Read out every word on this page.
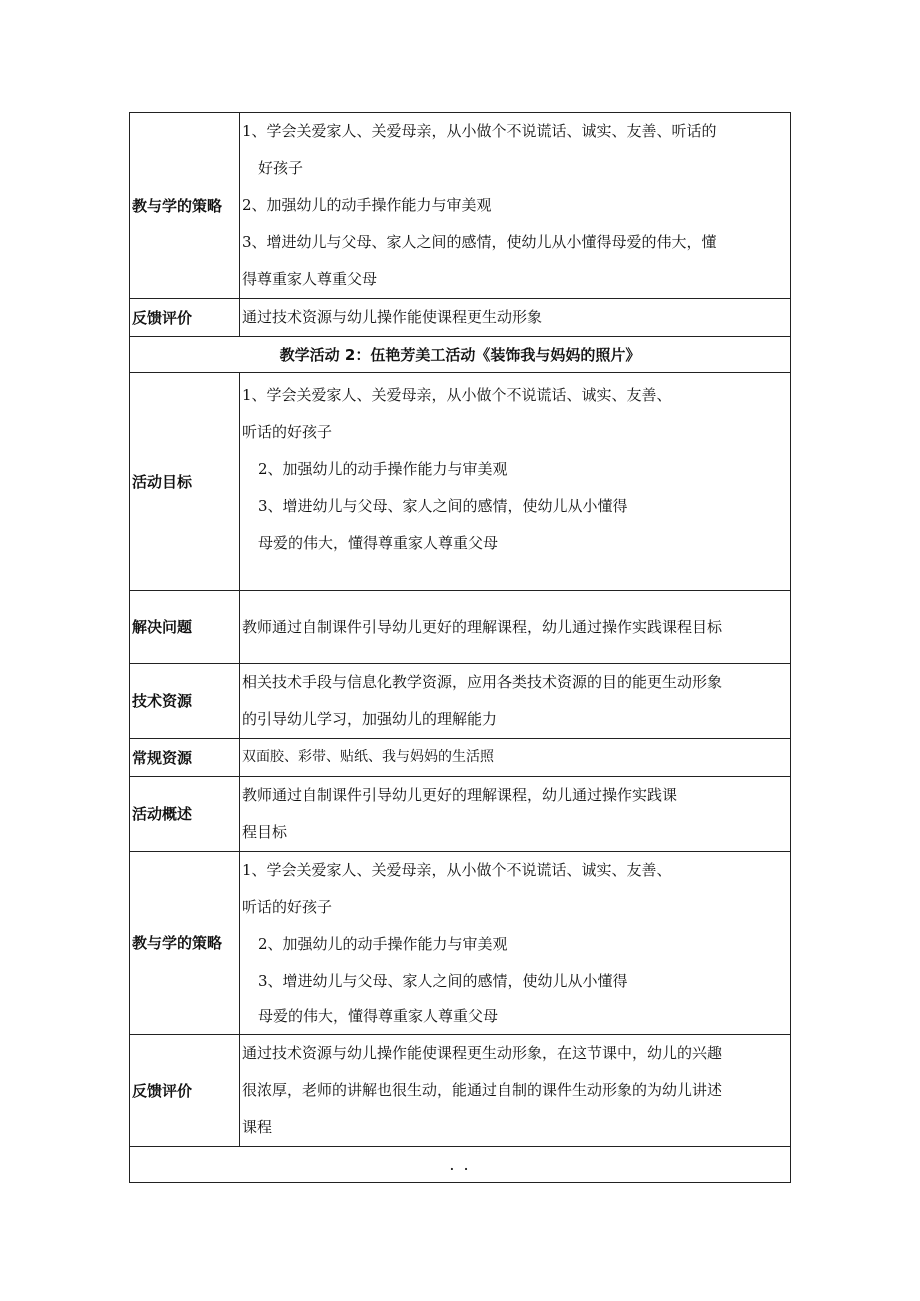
教与学的策略	1、学会关爱家人、关爱母亲，从小做个不说谎话、诚实、友善、听话的

好孩子

2、加强幼儿的动手操作能力与审美观

3、增进幼儿与父母、家人之间的感情，使幼儿从小懂得母爱的伟大，懂

得尊重家人尊重父母

反馈评价	通过技术资源与幼儿操作能使课程更生动形象
教学活动 2：伍艳芳美工活动《装饰我与妈妈的照片》	
活动目标	1、学会关爱家人、关爱母亲，从小做个不说谎话、诚实、友善、

听话的好孩子

2、加强幼儿的动手操作能力与审美观

3、增进幼儿与父母、家人之间的感情，使幼儿从小懂得

母爱的伟大，懂得尊重家人尊重父母

解决问题	教师通过自制课件引导幼儿更好的理解课程，幼儿通过操作实践课程目标
技术资源	相关技术手段与信息化教学资源，应用各类技术资源的目的能更生动形象

的引导幼儿学习，加强幼儿的理解能力

常规资源	双面胶、彩带、贴纸、我与妈妈的生活照
活动概述	教师通过自制课件引导幼儿更好的理解课程，幼儿通过操作实践课

程目标

教与学的策略	1、学会关爱家人、关爱母亲，从小做个不说谎话、诚实、友善、

听话的好孩子

2、加强幼儿的动手操作能力与审美观

3、增进幼儿与父母、家人之间的感情，使幼儿从小懂得

母爱的伟大，懂得尊重家人尊重父母

反馈评价	通过技术资源与幼儿操作能使课程更生动形象，在这节课中，幼儿的兴趣

很浓厚，老师的讲解也很生动，能通过自制的课件生动形象的为幼儿讲述

课程

. .	
